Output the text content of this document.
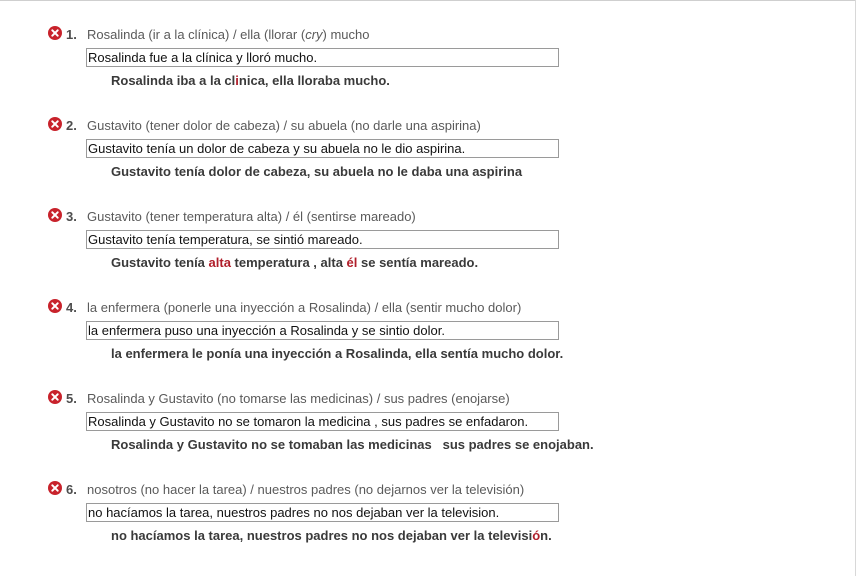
1. Rosalinda (ir a la clínica) / ella (llorar (cry) mucho
Rosalinda fue a la clínica y lloró mucho.
Rosalinda iba a la clinica, ella lloraba mucho.
2. Gustavito (tener dolor de cabeza) / su abuela (no darle una aspirina)
Gustavito tenía un dolor de cabeza y su abuela no le dio aspirina.
Gustavito tenía dolor de cabeza, su abuela no le daba una aspirina
3. Gustavito (tener temperatura alta) / él (sentirse mareado)
Gustavito tenía temperatura, se sintió mareado.
Gustavito tenía alta temperatura , alta él se sentía mareado.
4. la enfermera (ponerle una inyección a Rosalinda) / ella (sentir mucho dolor)
la enfermera puso una inyección a Rosalinda y se sintio dolor.
la enfermera le ponía una inyección a Rosalinda, ella sentía mucho dolor.
5. Rosalinda y Gustavito (no tomarse las medicinas) / sus padres (enojarse)
Rosalinda y Gustavito no se tomaron la medicina , sus padres se enfadaron.
Rosalinda y Gustavito no se tomaban las medicinas   sus padres se enojaban.
6. nosotros (no hacer la tarea) / nuestros padres (no dejarnos ver la televisión)
no hacíamos la tarea, nuestros padres no nos dejaban ver la television.
no hacíamos la tarea, nuestros padres no nos dejaban ver la televisión.
